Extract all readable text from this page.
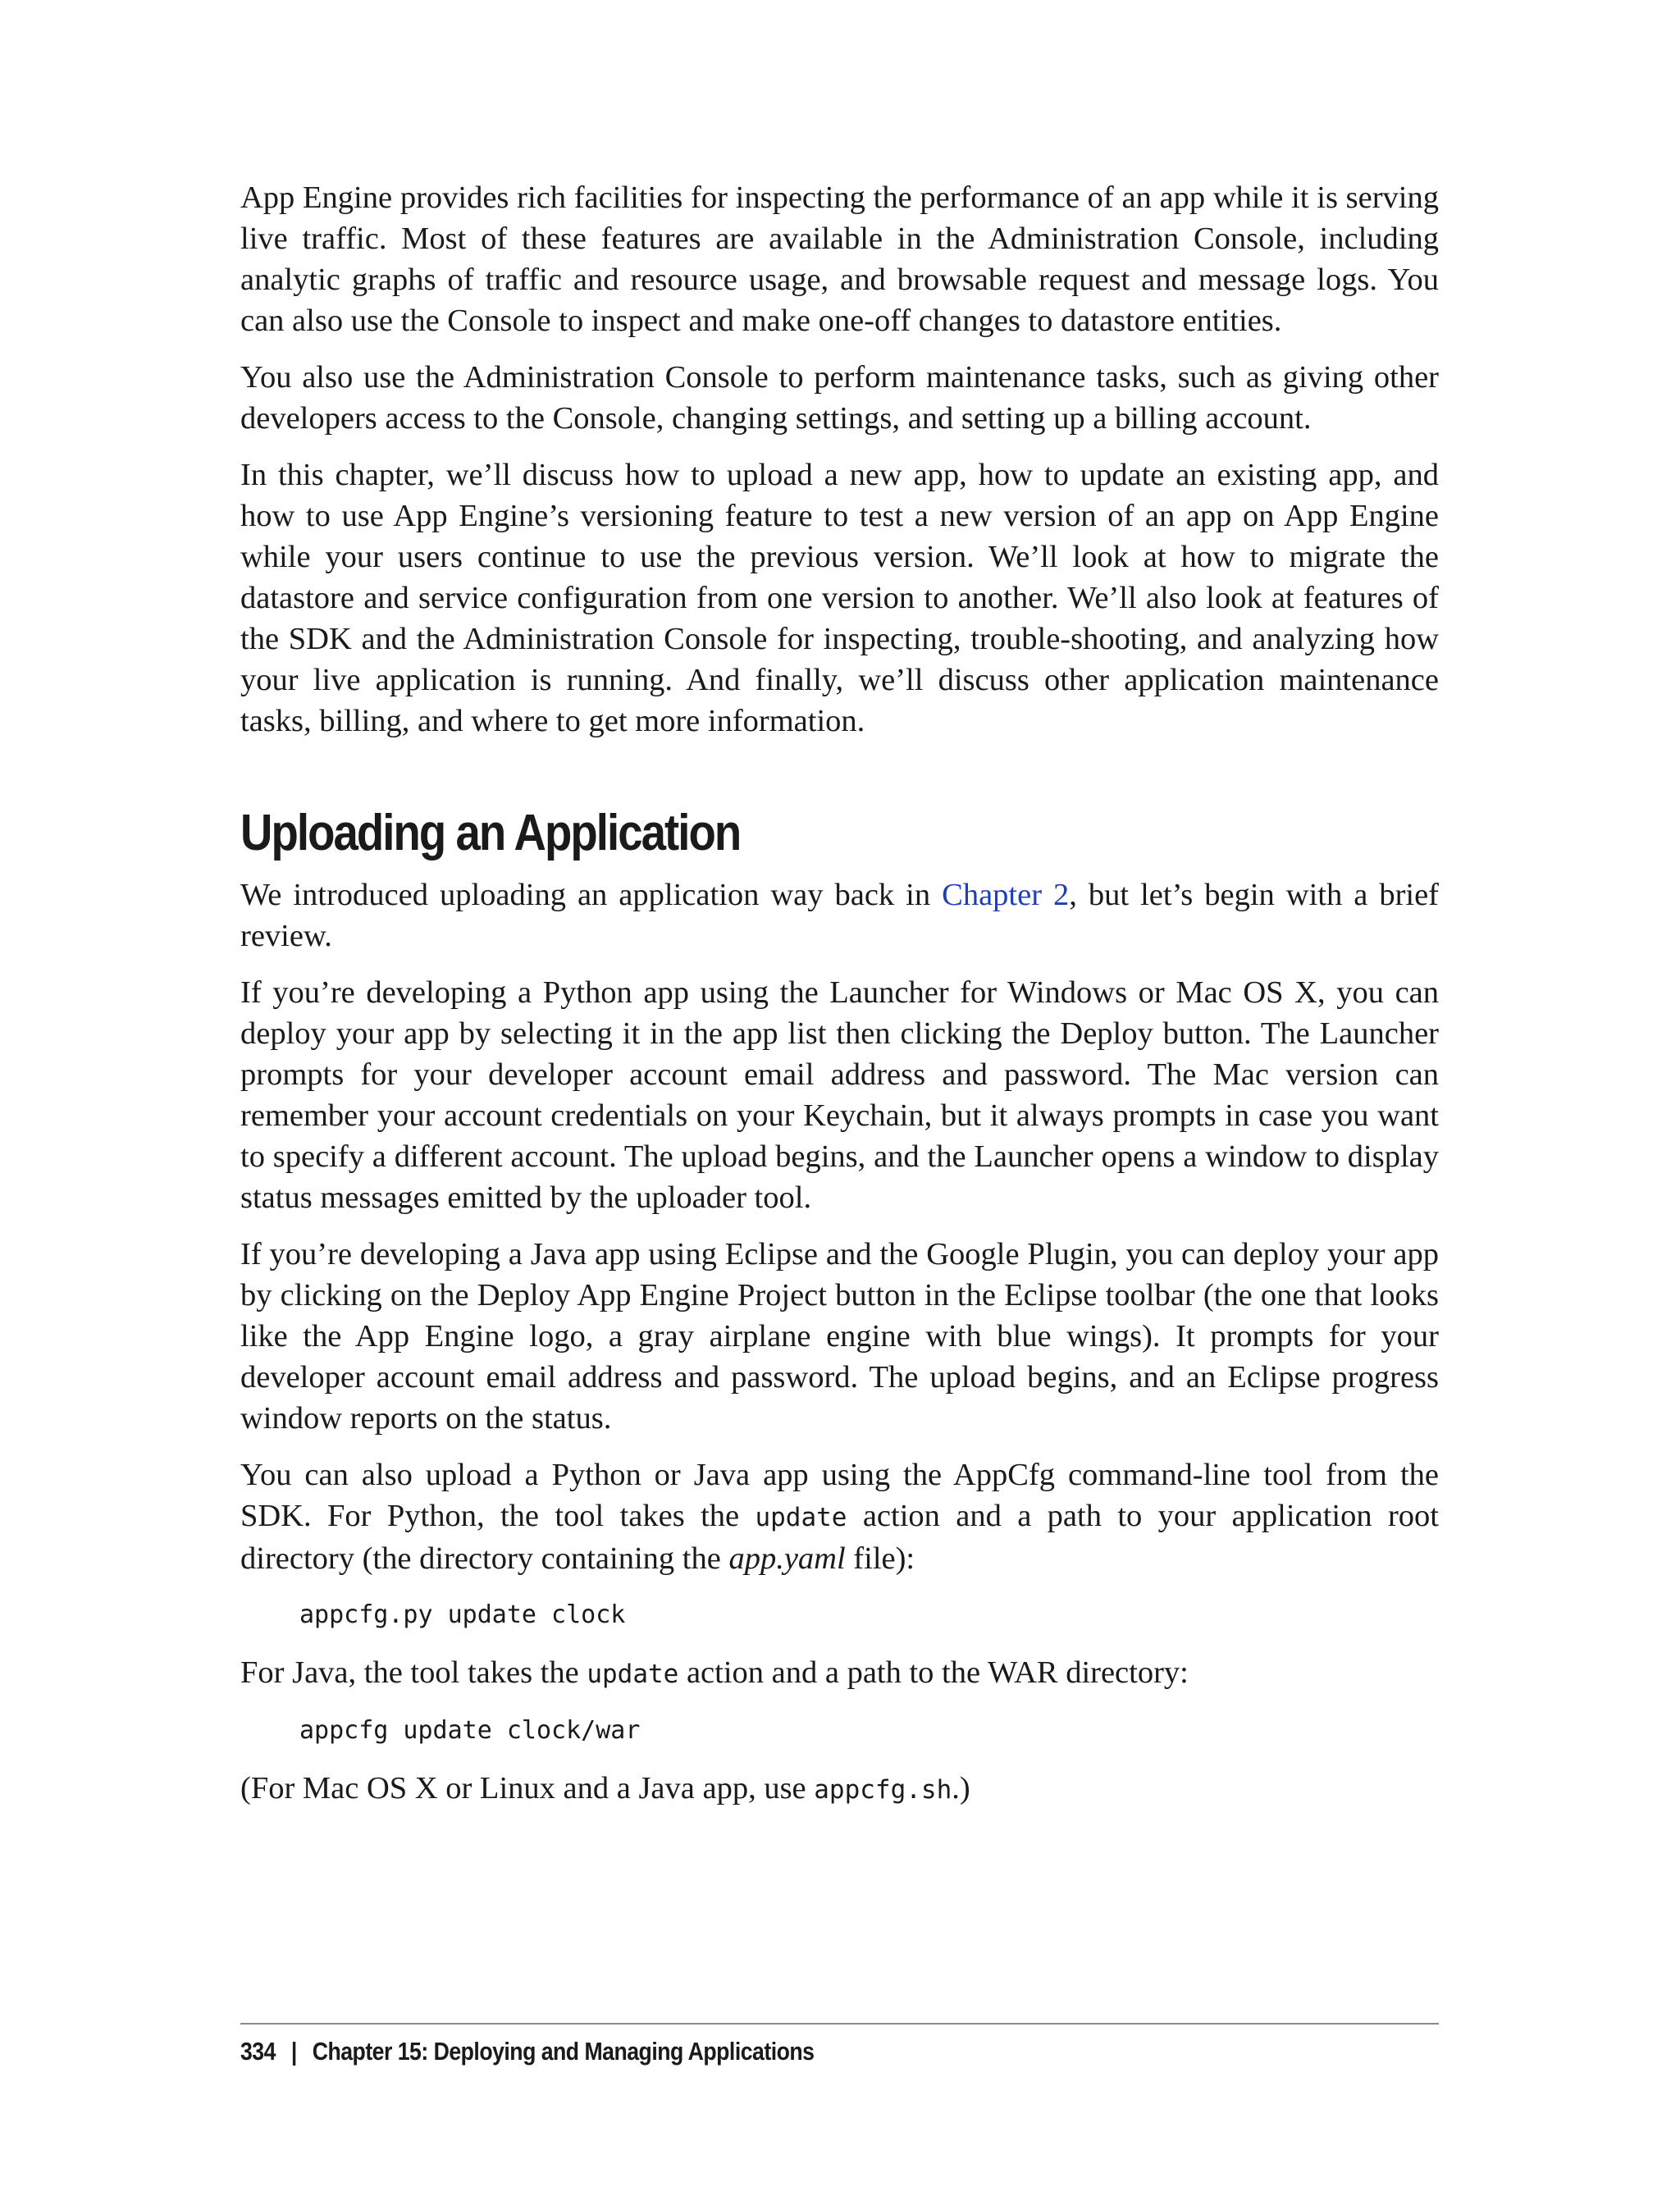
App Engine provides rich facilities for inspecting the performance of an app while it is serving live traffic. Most of these features are available in the Administration Console, including analytic graphs of traffic and resource usage, and browsable request and message logs. You can also use the Console to inspect and make one-off changes to datastore entities.

You also use the Administration Console to perform maintenance tasks, such as giving other developers access to the Console, changing settings, and setting up a billing account.

In this chapter, we’ll discuss how to upload a new app, how to update an existing app, and how to use App Engine’s versioning feature to test a new version of an app on App Engine while your users continue to use the previous version. We’ll look at how to migrate the datastore and service configuration from one version to another. We’ll also look at features of the SDK and the Administration Console for inspecting, trouble-shooting, and analyzing how your live application is running. And finally, we’ll discuss other application maintenance tasks, billing, and where to get more information.

Uploading an Application

We introduced uploading an application way back in Chapter 2, but let’s begin with a brief review.

If you’re developing a Python app using the Launcher for Windows or Mac OS X, you can deploy your app by selecting it in the app list then clicking the Deploy button. The Launcher prompts for your developer account email address and password. The Mac version can remember your account credentials on your Keychain, but it always prompts in case you want to specify a different account. The upload begins, and the Launcher opens a window to display status messages emitted by the uploader tool.

If you’re developing a Java app using Eclipse and the Google Plugin, you can deploy your app by clicking on the Deploy App Engine Project button in the Eclipse toolbar (the one that looks like the App Engine logo, a gray airplane engine with blue wings). It prompts for your developer account email address and password. The upload begins, and an Eclipse progress window reports on the status.

You can also upload a Python or Java app using the AppCfg command-line tool from the SDK. For Python, the tool takes the update action and a path to your application root directory (the directory containing the app.yaml file):

appcfg.py update clock

For Java, the tool takes the update action and a path to the WAR directory:

appcfg update clock/war

(For Mac OS X or Linux and a Java app, use appcfg.sh.)

334 | Chapter 15: Deploying and Managing Applications
